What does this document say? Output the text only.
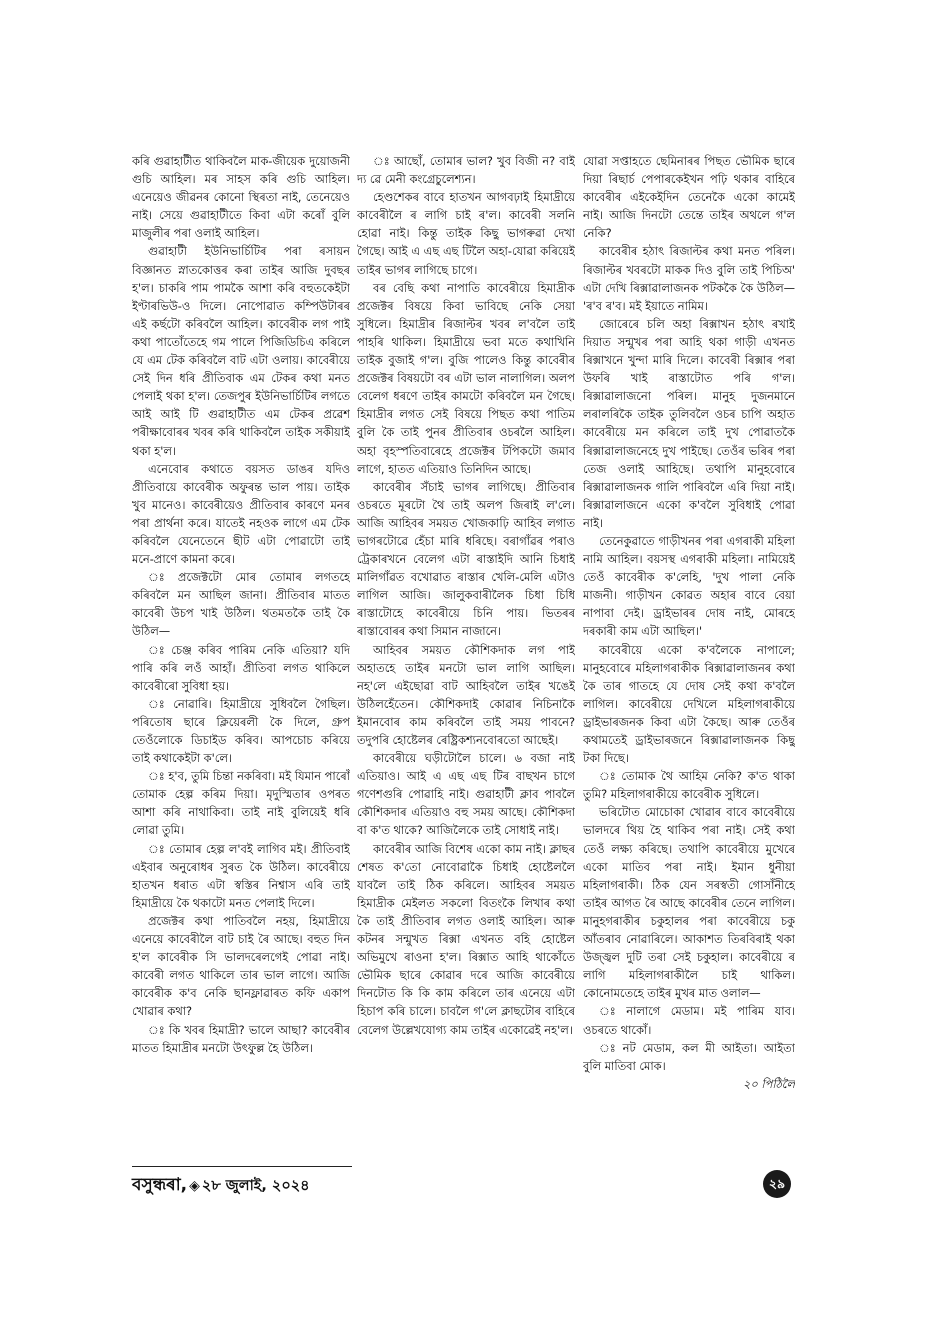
কৰি গুৱাহাটীত থাকিবলৈ মাক-জীয়েক দুয়োজনী গুচি আহিল। মৰ সাহস কৰি গুচি আহিল। এনেয়েও জীৱনৰ কোনো স্থিৰতা নাই, তেনেয়েও নাই। সেয়ে গুৱাহাটীতে কিবা এটা কৰোঁ বুলি মাজুলীৰ পৰা ওলাই আহিল।

গুৱাহাটী ইউনিভাৰ্চিটিৰ পৰা ৰসায়ন বিজ্ঞানত স্নাতকোত্তৰ কৰা তাইৰ আজি দুবছৰ হ'ল। চাকৰি পাম পামকৈ আশা কৰি বহুতকেইটা ইণ্টাৰভিউ-ও দিলে। নোপোৱাত কম্পিউটাৰৰ এই কৰ্ছটো কৰিবলৈ আহিল। কাবেৰীক লগ পাই কথা পাতোঁতেহে গম পালে পিজিডিচিএ কৰিলে যে এম টেক কৰিবলৈ বাট এটা ওলায়। কাবেৰীয়ে সেই দিন ধৰি প্ৰীতিবাক এম টেকৰ কথা মনত পেলাই থকা হ'ল। তেজপুৰ ইউনিভাৰ্চিটিৰ লগতে আই আই টি গুৱাহাটীত এম টেকৰ প্ৰৱেশ পৰীক্ষাবোৰৰ খবৰ কৰি থাকিবলৈ তাইক সকীয়াই থকা হ'ল।

এনেবোৰ কথাতে বয়সত ডাঙৰ যদিও প্ৰীতিবায়ে কাবেৰীক অফুৰন্ত ভাল পায়। তাইক খুব মানেও। কাবেৰীয়েও প্ৰীতিবাৰ কাৰণে মনৰ পৰা প্ৰাৰ্থনা কৰে। যাতেই নহওক লাগে এম টেক কৰিবলৈ যেনেতেনে ছীট এটা পোৱাটো তাই মনে-প্ৰাণে কামনা কৰে।

ঃ প্ৰজেক্টটো মোৰ তোমাৰ লগতহে কৰিবলৈ মন আছিল জানা। প্ৰীতিবাৰ মাতত কাবেৰী উচপ খাই উঠিল। থতমতকৈ তাই কৈ উঠিল—

ঃ চেঞ্জ কৰিব পাৰিম নেকি এতিয়া? যদি পাৰি কৰি লওঁ আহাঁ। প্ৰীতিবা লগত থাকিলে কাবেৰীৰো সুবিধা হয়।

ঃ নোৱাৰি। হিমাদ্ৰীয়ে সুধিবলৈ গৈছিল। পৰিতোষ ছাৰে ক্লিয়েৰলী কৈ দিলে, গ্ৰুপ তেওঁলোকে ডিচাইড কৰিব। আপচোচ কৰিয়ে তাই কথাকেইটা ক'লে।

ঃ হ'ব, তুমি চিন্তা নকৰিবা। মই যিমান পাৰোঁ তোমাক হেল্প কৰিম দিয়া। মৃদুস্মিতাৰ ওপৰত আশা কৰি নাথাকিবা। তাই নাই বুলিয়েই ধৰি লোৱা তুমি।

ঃ তোমাৰ হেল্প ল'বই লাগিব মই। প্ৰীতিবাই এইবাৰ অনুৰোধৰ সুৰত কৈ উঠিল। কাবেৰীয়ে হাতখন ধৰাত এটা স্বস্তিৰ নিশ্বাস এৰি তাই হিমাদ্ৰীয়ে কৈ থকাটো মনত পেলাই দিলে।

প্ৰজেক্টৰ কথা পাতিবলৈ নহয়, হিমাদ্ৰীয়ে এনেয়ে কাবেৰীলৈ বাট চাই ৰৈ আছে। বহুত দিন হ'ল কাবেৰীক সি ভালদৰেলগেই পোৱা নাই। কাবেৰী লগত থাকিলে তাৰ ভাল লাগে। আজি কাবেৰীক ক'ব নেকি ছানফ্লাৱাৰত কফি একাপ খোৱাৰ কথা?

ঃ কি খবৰ হিমাদ্ৰী? ভালে আছা? কাবেৰীৰ মাতত হিমাদ্ৰীৰ মনটো উৎফুল্ল হৈ উঠিল।

ঃ আছোঁ, তোমাৰ ভাল? খুব বিজী ন? বাই দ্য ৱে মেনী কংগ্ৰেচুলেশ্যন।

হেণ্ডশেকৰ বাবে হাতখন আগবঢ়াই হিমাদ্ৰীয়ে কাবেৰীলৈ ৰ লাগি চাই ৰ'ল। কাবেৰী সলনি হোৱা নাই। কিন্তু তাইক কিছু ভাগৰুৱা দেখা গৈছে। আই এ এছ এছ টিলৈ অহা-যোৱা কৰিয়েই তাইৰ ভাগৰ লাগিছে চাগে।

বৰ বেছি কথা নাপাতি কাবেৰীয়ে হিমাদ্ৰীক প্ৰজেক্টৰ বিষয়ে কিবা ভাবিছে নেকি সেয়া সুধিলে। হিমাদ্ৰীৰ ৰিজাল্টৰ খবৰ ল'বলৈ তাই পাহৰি থাকিল। হিমাদ্ৰীয়ে ভবা মতে কথাখিনি তাইক বুজাই গ'ল। বুজি পালেও কিন্তু কাবেৰীৰ প্ৰজেক্টৰ বিষয়টো বৰ এটা ভাল নালাগিল। অলপ বেলেগ ধৰণে তাইৰ কামটো কৰিবলৈ মন গৈছে। হিমাদ্ৰীৰ লগত সেই বিষয়ে পিছত কথা পাতিম বুলি কৈ তাই পুনৰ প্ৰীতিবাৰ ওচৰলৈ আহিল। অহা বৃহস্পতিবাৰেহে প্ৰজেক্টৰ টপিকটো জমাব লাগে, হাতত এতিয়াও তিনিদিন আছে।

কাবেৰীৰ সঁচাই ভাগৰ লাগিছে। প্ৰীতিবাৰ ওচৰতে মূৰটো থৈ তাই অলপ জিৰাই ল'লে। আজি আহিবৰ সময়ত খোজকাঢ়ি আহিব লগাত ভাগৰটোৱে হেঁচা মাৰি ধৰিছে। বৰাগাঁৱৰ পৰাও ট্ৰেকাৰখনে বেলেগ এটা ৰাস্তাইদি আনি চিধাই মালিগাঁৱত বখোৱাত ৰাস্তাৰ খেলি-মেলি এটাও লাগিল আজি। জালুকবাৰীলৈক চিধা চিধি ৰাস্তাটোহে কাবেৰীয়ে চিনি পায়। ভিতৰৰ ৰাস্তাবোৰৰ কথা সিমান নাজানে।

আহিবৰ সময়ত কৌশিকদাক লগ পাই অহাতহে তাইৰ মনটো ভাল লাগি আছিল। নহ'লে এইছোৱা বাট আহিবলৈ তাইৰ খঙেই উঠিলহেঁতেন। কৌশিকদাই কোৱাৰ নিচিনাকৈ ইমানবোৰ কাম কৰিবলৈ তাই সময় পাবনে? তদুপৰি হোষ্টেলৰ ৰেষ্ট্ৰিকশ্যনবোৰতো আছেই।

কাবেৰীয়ে ঘড়ীটোলৈ চালে। ৬ বজা নাই এতিয়াও। আই এ এছ এছ টিৰ বাছখন চাগে গণেশগুৰি পোৱাহি নাই। গুৱাহাটী ক্লাব পাবলৈ কৌশিকদাৰ এতিয়াও বহু সময় আছে। কৌশিকদা বা ক'ত থাকে? আজিলৈকে তাই সোধাই নাই।

কাবেৰীৰ আজি বিশেষ একো কাম নাই। ক্লাছৰ শেষত ক'তো নোবোৱাকৈ চিধাই হোষ্টেললৈ যাবলৈ তাই ঠিক কৰিলে। আহিবৰ সময়ত হিমাদ্ৰীক মেইলত সকলো বিতংকৈ লিখাৰ কথা কৈ তাই প্ৰীতিবাৰ লগত ওলাই আহিল। আৰু কটনৰ সন্মুখত ৰিক্সা এখনত বহি হোষ্টেল অভিমুখে ৰাওনা হ'ল। ৰিক্সাত আহি থাকোঁতে ভৌমিক ছাৰে কোৱাৰ দৰে আজি কাবেৰীয়ে দিনটোত কি কি কাম কৰিলে তাৰ এনেয়ে এটা হিচাপ কৰি চালে। চাবলৈ গ'লে ক্লাছটোৰ বাহিৰে বেলেগ উল্লেখযোগ্য কাম তাইৰ একোৱেই নহ'ল।

যোৱা সপ্তাহতে ছেমিনাৰৰ পিছত ভৌমিক ছাৰে দিয়া ৰিছাৰ্চ পেপাৰকেইখন পঢ়ি থকাৰ বাহিৰে কাবেৰীৰ এইকেইদিন তেনেকৈ একো কামেই নাই। আজি দিনটো তেন্তে তাইৰ অথলে গ'ল নেকি?

কাবেৰীৰ হঠাৎ ৰিজাল্টৰ কথা মনত পৰিল। ৰিজাল্টৰ খবৰটো মাকক দিও বুলি তাই পিচিঅ' এটা দেখি ৰিক্সাৱালাজনক পটককৈ কৈ উঠিল— 'ৰ'ব ৰ'ব। মই ইয়াতে নামিম।

জোৰেৰে চলি অহা ৰিক্সাখন হঠাৎ ৰখাই দিয়াত সন্মুখৰ পৰা আহি থকা গাড়ী এখনত ৰিক্সাখনে খুন্দা মাৰি দিলে। কাবেৰী ৰিক্সাৰ পৰা উফৰি খাই ৰাস্তাটোত পৰি গ'ল। ৰিক্সাৱালাজনো পৰিল। মানুহ দুজনমানে লৰালৰিকৈ তাইক তুলিবলৈ ওচৰ চাপি অহাত কাবেৰীয়ে মন কৰিলে তাই দুখ পোৱাতকৈ ৰিক্সাৱালাজনেহে দুখ পাইছে। তেওঁৰ ভৰিৰ পৰা তেজ ওলাই আহিছে। তথাপি মানুহবোৰে ৰিক্সাৱালাজনক গালি পাৰিবলৈ এৰি দিয়া নাই। ৰিক্সাৱালাজনে একো ক'বলৈ সুবিধাই পোৱা নাই।

তেনেকুৱাতে গাড়ীখনৰ পৰা এগৰাকী মহিলা নামি আহিল। বয়সস্থ এগৰাকী মহিলা। নামিয়েই তেওঁ কাবেৰীক ক'লেহি, 'দুখ পালা নেকি মাজনী। গাড়ীখন কোৱত অহাৰ বাবে বেয়া নাপাবা দেই। ড্ৰাইভাৰৰ দোষ নাই, মোৰহে দৰকাৰী কাম এটা আছিল।'

কাবেৰীয়ে একো ক'বলৈকে নাপালে; মানুহবোৰে মহিলাগৰাকীক ৰিক্সাৱালাজনৰ কথা কৈ তাৰ গাতহে যে দোষ সেই কথা ক'বলৈ লাগিল। কাবেৰীয়ে দেখিলে মহিলাগৰাকীয়ে ড্ৰাইভাৰজনক কিবা এটা কৈছে। আৰু তেওঁৰ কথামতেই ড্ৰাইভাৰজনে ৰিক্সাৱালাজনক কিছু টকা দিছে।

ঃ তোমাক থৈ আহিম নেকি? ক'ত থাকা তুমি? মহিলাগৰাকীয়ে কাবেৰীক সুধিলে।

ভৰিটোত মোচোকা খোৱাৰ বাবে কাবেৰীয়ে ভালদৰে থিয় হৈ থাকিব পৰা নাই। সেই কথা তেওঁ লক্ষ্য কৰিছে। তথাপি কাবেৰীয়ে মুখেৰে একো মাতিব পৰা নাই। ইমান ধুনীয়া মহিলাগৰাকী। ঠিক যেন সৰস্বতী গোসাঁনীহে তাইৰ আগত ৰৈ আছে কাবেৰীৰ তেনে লাগিল। মানুহগৰাকীৰ চকুহালৰ পৰা কাবেৰীয়ে চকু আঁতৰাব নোৱাৰিলে। আকাশত তিৰবিৰাই থকা উজ্জ্বল দুটি তৰা সেই চকুহাল। কাবেৰীয়ে ৰ লাগি মহিলাগৰাকীলৈ চাই থাকিল। কোনোমতেহে তাইৰ মুখৰ মাত ওলাল—

ঃ নালাগে মেডাম। মই পাৰিম যাব। ওচৰতে থাকোঁ।

ঃ নট মেডাম, কল মী আইতা। আইতা বুলি মাতিবা মোক।

২০ পিঠিলৈ
বসুন্ধৰা, ◈ ২৮ জুলাই, ২০২৪	২৯
